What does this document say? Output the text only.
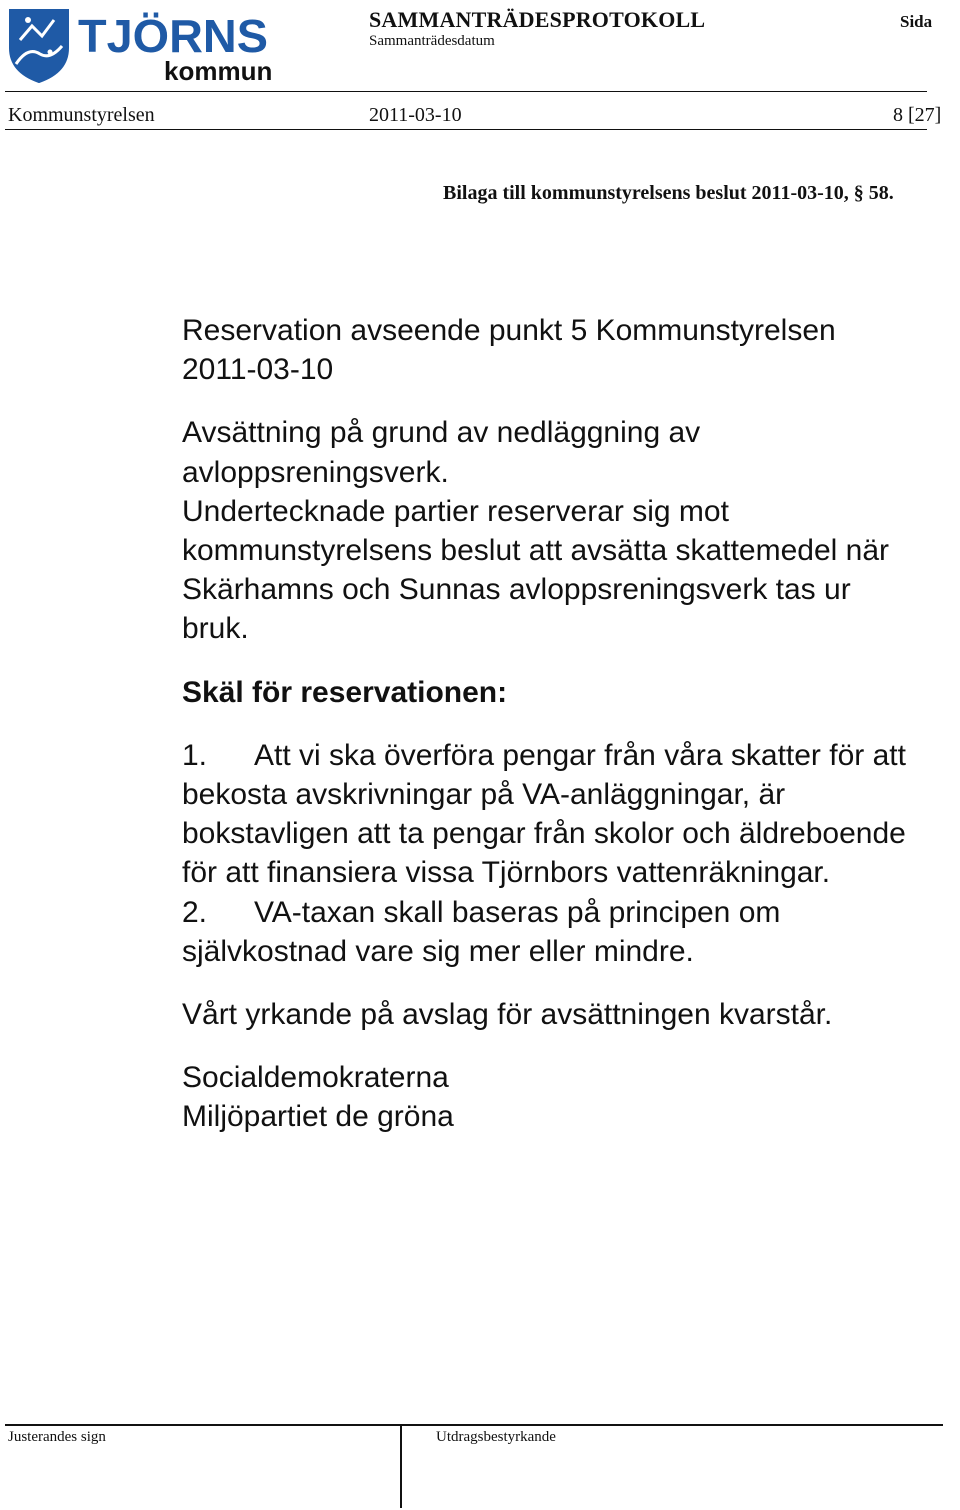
TJÖRNS
kommun
SAMMANTRÄDESPROTOKOLL	Sida
Sammanträdesdatum
Kommunstyrelsen	2011-03-10	8 [27]
Bilaga till kommunstyrelsens beslut 2011-03-10, § 58.

Reservation avseende punkt 5 Kommunstyrelsen

2011-03-10

Avsättning på grund av nedläggning av

avloppsreningsverk.

Undertecknade partier reserverar sig mot

kommunstyrelsens beslut att avsätta skattemedel när

Skärhamns och Sunnas avloppsreningsverk tas ur

bruk.

Skäl för reservationen:

1. Att vi ska överföra pengar från våra skatter för att

bekosta avskrivningar på VA-anläggningar, är

bokstavligen att ta pengar från skolor och äldreboende

för att finansiera vissa Tjörnbors vattenräkningar.

2. VA-taxan skall baseras på principen om

självkostnad vare sig mer eller mindre.

Vårt yrkande på avslag för avsättningen kvarstår.

Socialdemokraterna

Miljöpartiet de gröna

Justerandes sign	Utdragsbestyrkande
